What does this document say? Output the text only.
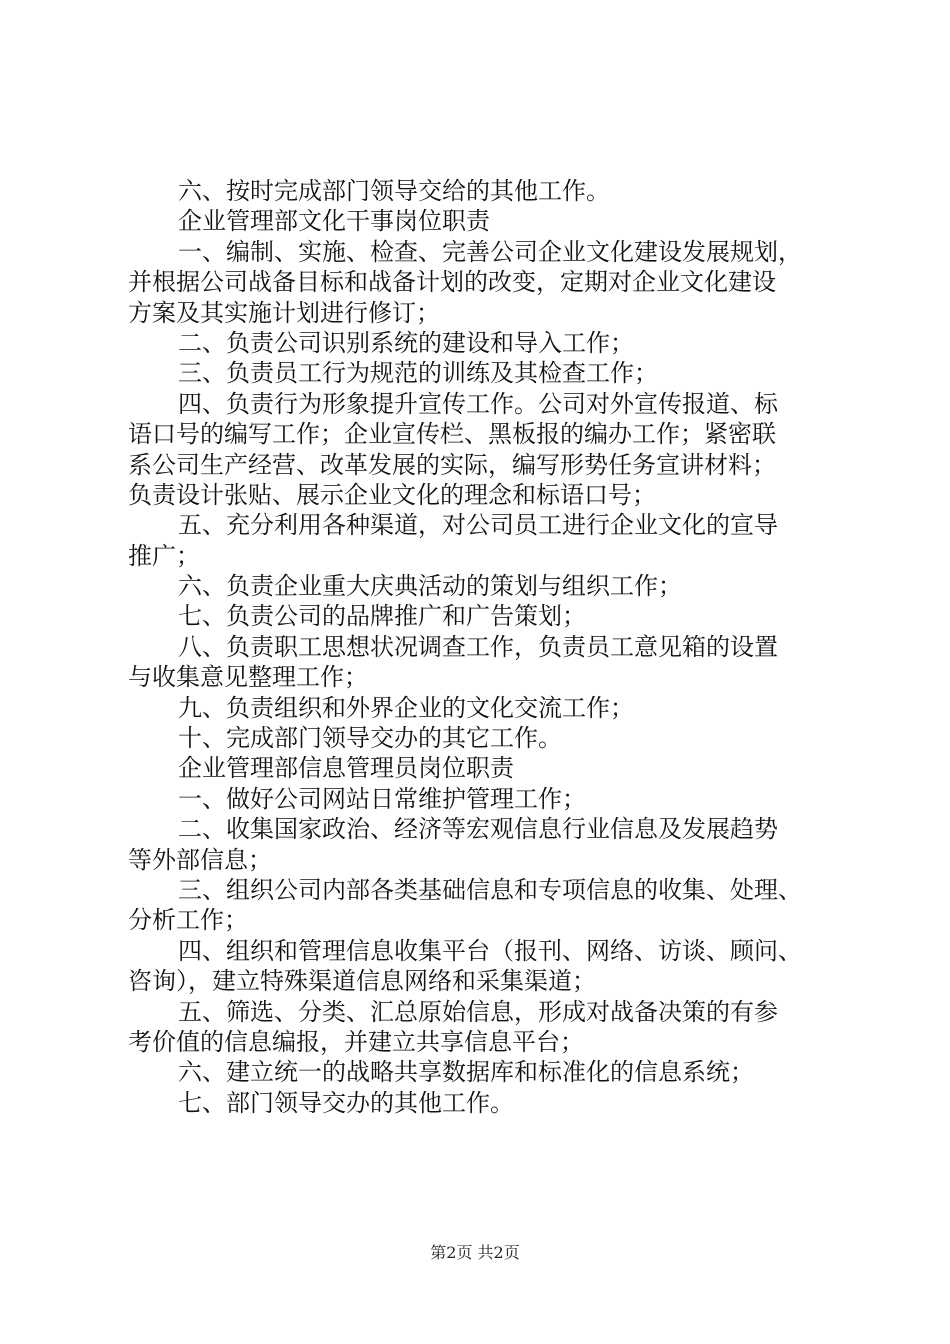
六、按时完成部门领导交给的其他工作。
企业管理部文化干事岗位职责
一、编制、实施、检查、完善公司企业文化建设发展规划，
并根据公司战备目标和战备计划的改变，定期对企业文化建设
方案及其实施计划进行修订；
二、负责公司识别系统的建设和导入工作；
三、负责员工行为规范的训练及其检查工作；
四、负责行为形象提升宣传工作。公司对外宣传报道、标
语口号的编写工作；企业宣传栏、黑板报的编办工作；紧密联
系公司生产经营、改革发展的实际，编写形势任务宣讲材料；
负责设计张贴、展示企业文化的理念和标语口号；
五、充分利用各种渠道，对公司员工进行企业文化的宣导
推广；
六、负责企业重大庆典活动的策划与组织工作；
七、负责公司的品牌推广和广告策划；
八、负责职工思想状况调查工作，负责员工意见箱的设置
与收集意见整理工作；
九、负责组织和外界企业的文化交流工作；
十、完成部门领导交办的其它工作。
企业管理部信息管理员岗位职责
一、做好公司网站日常维护管理工作；
二、收集国家政治、经济等宏观信息行业信息及发展趋势
等外部信息；
三、组织公司内部各类基础信息和专项信息的收集、处理、
分析工作；
四、组织和管理信息收集平台（报刊、网络、访谈、顾问、
咨询），建立特殊渠道信息网络和采集渠道；
五、筛选、分类、汇总原始信息，形成对战备决策的有参
考价值的信息编报，并建立共享信息平台；
六、建立统一的战略共享数据库和标准化的信息系统；
七、部门领导交办的其他工作。
第2页 共2页
